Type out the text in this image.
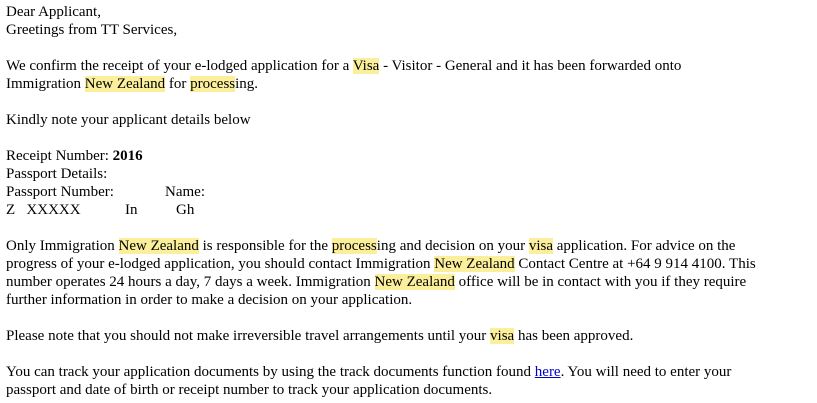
Dear Applicant,

Greetings from TT Services,

We confirm the receipt of your e-lodged application for a Visa - Visitor - General and it has been forwarded onto
Immigration New Zealand for processing.

Kindly note your applicant details below

Receipt Number: 2016

Passport Details:

Passport Number:	Name:
Z   XXXXX	In	Gh

Only Immigration New Zealand is responsible for the processing and decision on your visa application. For advice on the
progress of your e-lodged application, you should contact Immigration New Zealand Contact Centre at +64 9 914 4100. This
number operates 24 hours a day, 7 days a week. Immigration New Zealand office will be in contact with you if they require
further information in order to make a decision on your application.

Please note that you should not make irreversible travel arrangements until your visa has been approved.

You can track your application documents by using the track documents function found here. You will need to enter your
passport and date of birth or receipt number to track your application documents.
